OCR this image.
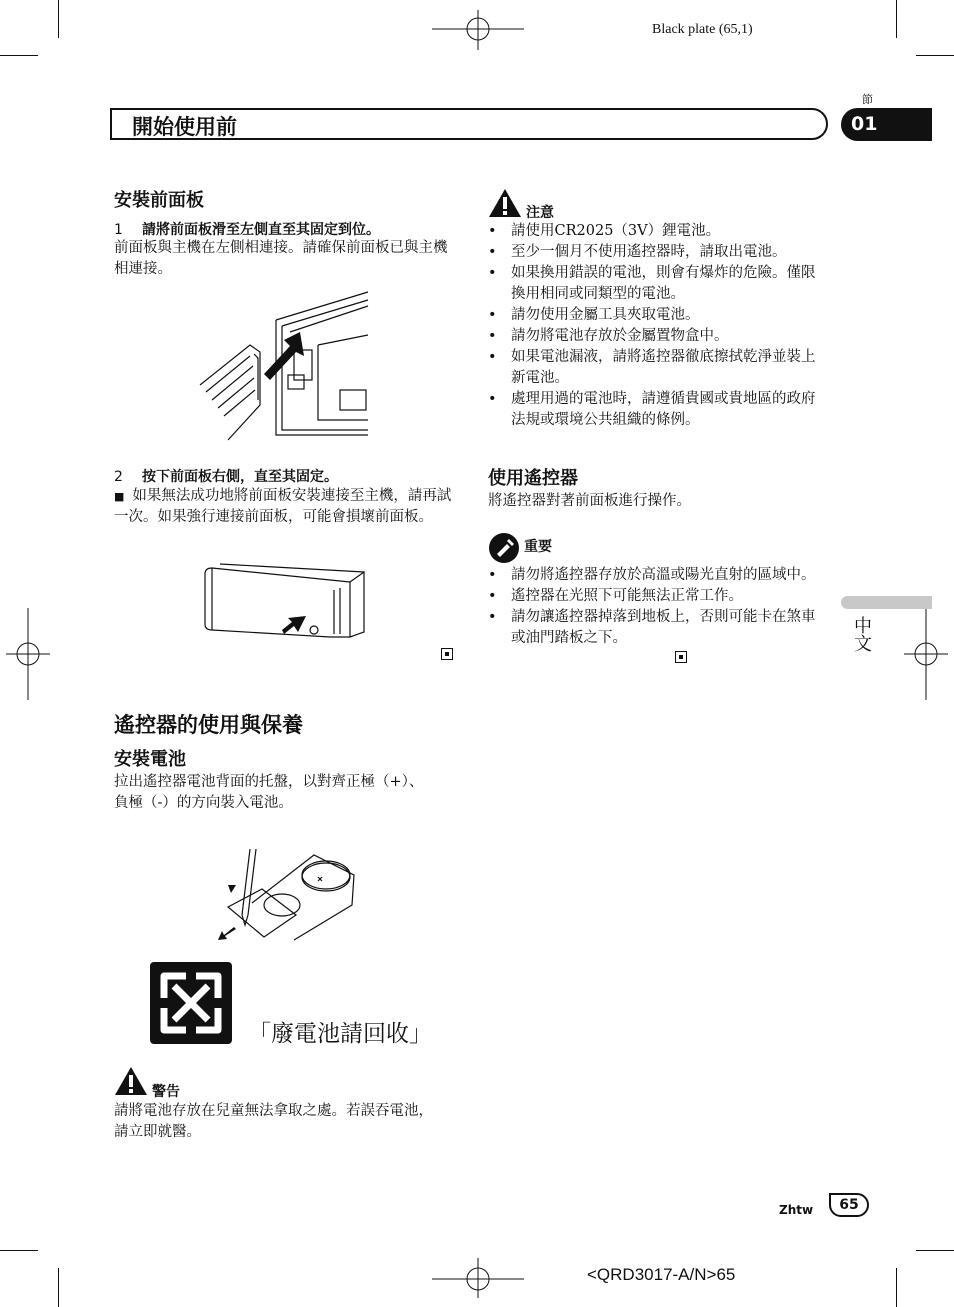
Black plate (65,1)
節
開始使用前	01
中文
安裝前面板
1 請將前面板滑至左側直至其固定到位。
前面板與主機在左側相連接。請確保前面板已與主機相連接。
2 按下前面板右側，直至其固定。
■ 如果無法成功地將前面板安裝連接至主機，請再試一次。如果強行連接前面板，可能會損壞前面板。
遙控器的使用與保養
安裝電池
拉出遙控器電池背面的托盤，以對齊正極（+）、負極（-）的方向裝入電池。
「廢電池請回收」
警告
請將電池存放在兒童無法拿取之處。若誤吞電池，請立即就醫。
注意
• 請使用CR2025（3V）鋰電池。
• 至少一個月不使用遙控器時，請取出電池。
• 如果換用錯誤的電池，則會有爆炸的危險。僅限換用相同或同類型的電池。
• 請勿使用金屬工具夾取電池。
• 請勿將電池存放於金屬置物盒中。
• 如果電池漏液，請將遙控器徹底擦拭乾淨並裝上新電池。
• 處理用過的電池時，請遵循貴國或貴地區的政府法規或環境公共組織的條例。
使用遙控器
將遙控器對著前面板進行操作。
重要
• 請勿將遙控器存放於高溫或陽光直射的區域中。
• 遙控器在光照下可能無法正常工作。
• 請勿讓遙控器掉落到地板上，否則可能卡在煞車或油門踏板之下。
Zhtw	65
<QRD3017-A/N>65
